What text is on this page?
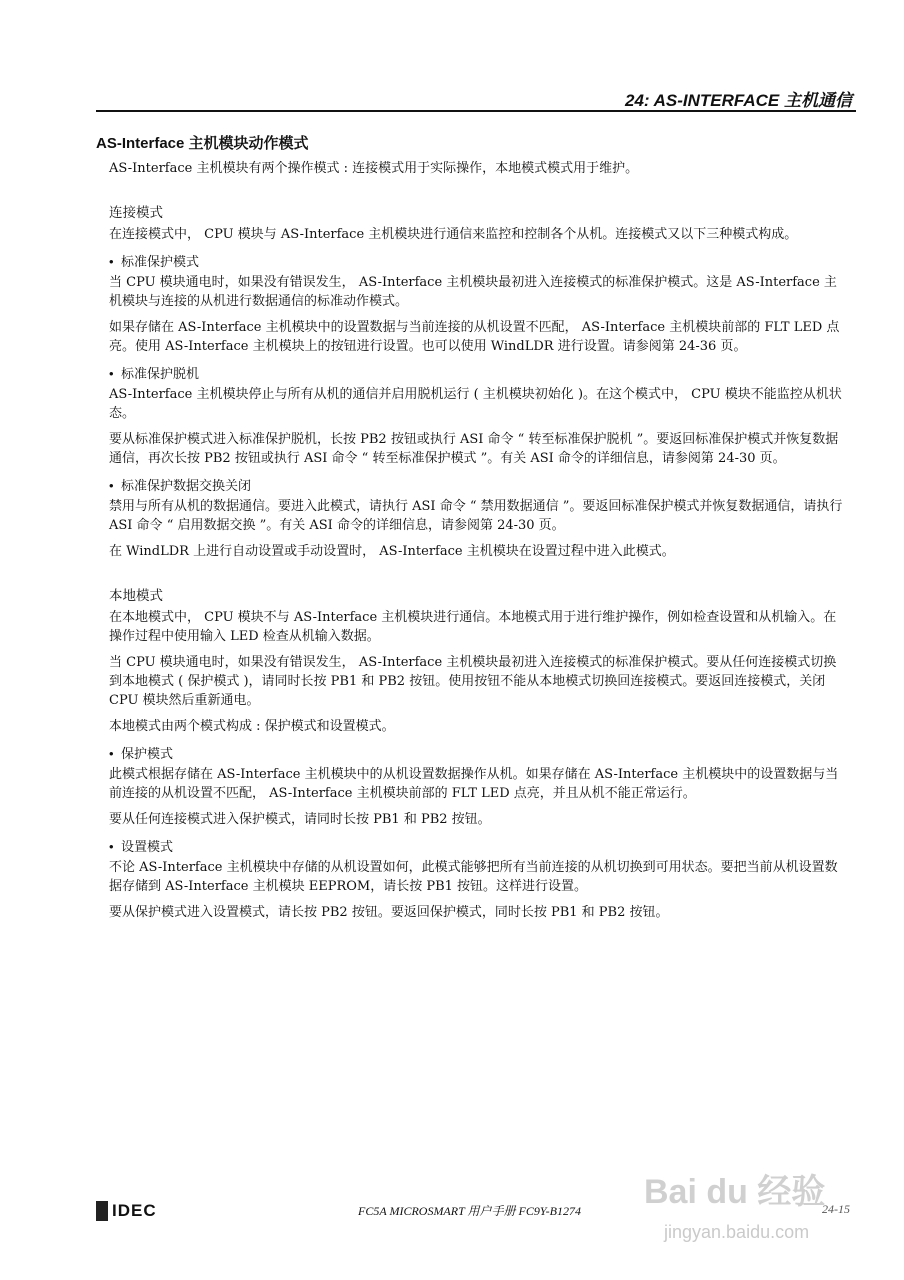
24: AS-INTERFACE 主机通信
AS-Interface 主机模块动作模式
AS-Interface 主机模块有两个操作模式 : 连接模式用于实际操作，本地模式模式用于维护。
连接模式
在连接模式中， CPU 模块与 AS-Interface 主机模块进行通信来监控和控制各个从机。连接模式又以下三种模式构成。
• 标准保护模式
当 CPU 模块通电时，如果没有错误发生， AS-Interface 主机模块最初进入连接模式的标准保护模式。这是 AS-Interface 主机模块与连接的从机进行数据通信的标准动作模式。
如果存储在 AS-Interface 主机模块中的设置数据与当前连接的从机设置不匹配， AS-Interface 主机模块前部的 FLT LED 点亮。使用 AS-Interface 主机模块上的按钮进行设置。也可以使用 WindLDR 进行设置。请参阅第 24-36 页。
• 标准保护脱机
AS-Interface 主机模块停止与所有从机的通信并启用脱机运行 ( 主机模块初始化 )。在这个模式中， CPU 模块不能监控从机状态。
要从标准保护模式进入标准保护脱机，长按 PB2 按钮或执行 ASI 命令 “ 转至标准保护脱机 ”。要返回标准保护模式并恢复数据通信，再次长按 PB2 按钮或执行 ASI 命令 “ 转至标准保护模式 ”。有关 ASI 命令的详细信息，请参阅第 24-30 页。
• 标准保护数据交换关闭
禁用与所有从机的数据通信。要进入此模式，请执行 ASI 命令 “ 禁用数据通信 ”。要返回标准保护模式并恢复数据通信，请执行 ASI 命令 “ 启用数据交换 ”。有关 ASI 命令的详细信息，请参阅第 24-30 页。
在 WindLDR 上进行自动设置或手动设置时， AS-Interface 主机模块在设置过程中进入此模式。
本地模式
在本地模式中， CPU 模块不与 AS-Interface 主机模块进行通信。本地模式用于进行维护操作，例如检查设置和从机输入。在操作过程中使用输入 LED 检查从机输入数据。
当 CPU 模块通电时，如果没有错误发生， AS-Interface 主机模块最初进入连接模式的标准保护模式。要从任何连接模式切换到本地模式 ( 保护模式 )，请同时长按 PB1 和 PB2 按钮。使用按钮不能从本地模式切换回连接模式。要返回连接模式，关闭 CPU 模块然后重新通电。
本地模式由两个模式构成 : 保护模式和设置模式。
• 保护模式
此模式根据存储在 AS-Interface 主机模块中的从机设置数据操作从机。如果存储在 AS-Interface 主机模块中的设置数据与当前连接的从机设置不匹配， AS-Interface 主机模块前部的 FLT LED 点亮，并且从机不能正常运行。
要从任何连接模式进入保护模式，请同时长按 PB1 和 PB2 按钮。
• 设置模式
不论 AS-Interface 主机模块中存储的从机设置如何，此模式能够把所有当前连接的从机切换到可用状态。要把当前从机设置数据存储到 AS-Interface 主机模块 EEPROM，请长按 PB1 按钮。这样进行设置。
要从保护模式进入设置模式，请长按 PB2 按钮。要返回保护模式，同时长按 PB1 和 PB2 按钮。
IDEC	FC5A MICROSMART 用户手册 FC9Y-B1274	24-15
Bai du 经验
jingyan.baidu.com
